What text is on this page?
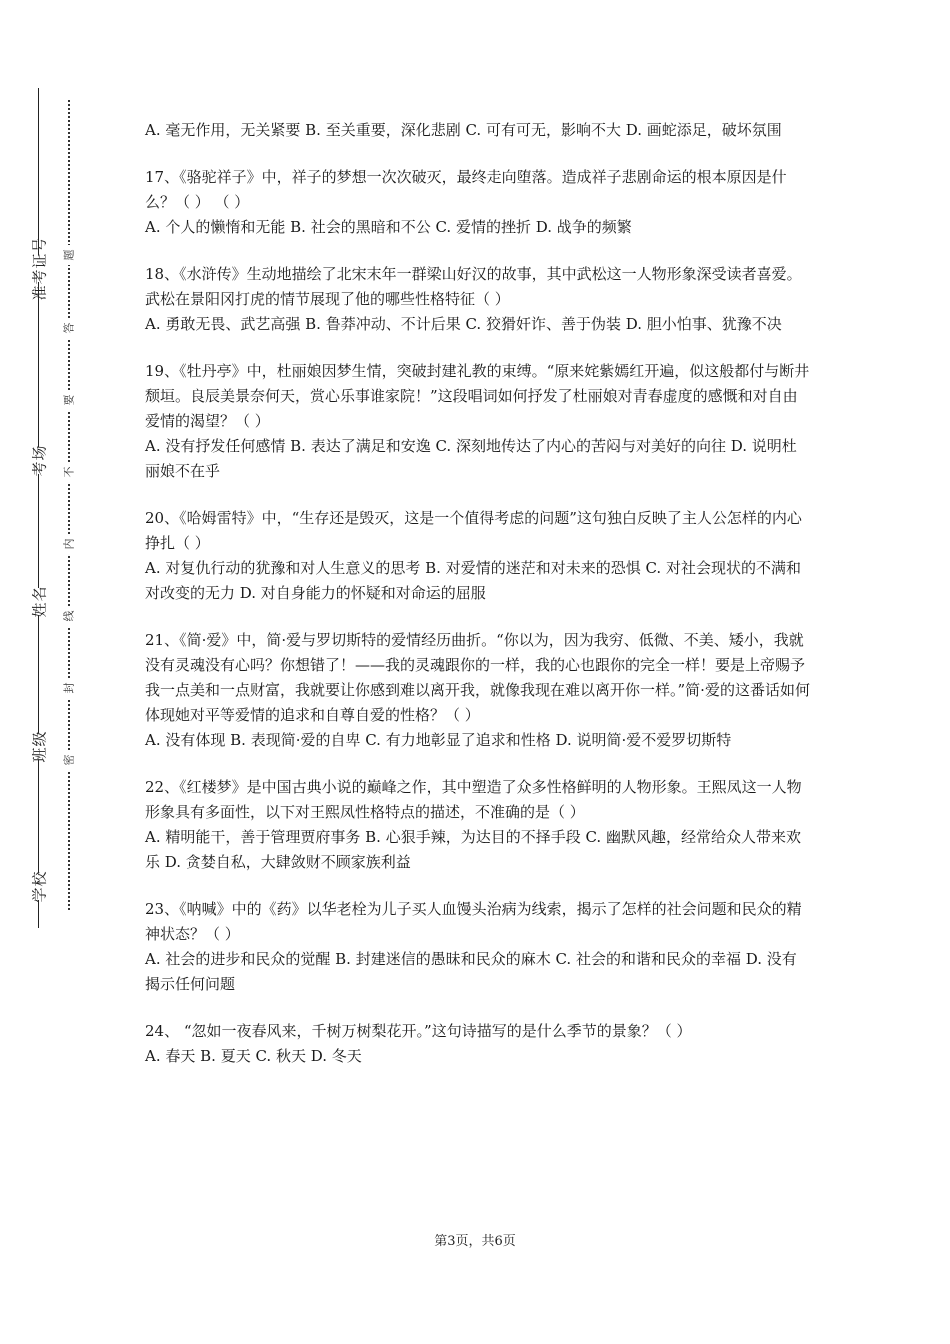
准考证号
考场
姓名
班级
学校
题
答
要
不
内
线
封
密

A. 毫无作用，无关紧要 B. 至关重要，深化悲剧 C. 可有可无，影响不大 D. 画蛇添足，破坏氛围

17、《骆驼祥子》中，祥子的梦想一次次破灭，最终走向堕落。造成祥子悲剧命运的根本原因是什么？（ ） （ ）

A. 个人的懒惰和无能 B. 社会的黑暗和不公 C. 爱情的挫折 D. 战争的频繁

18、《水浒传》生动地描绘了北宋末年一群梁山好汉的故事，其中武松这一人物形象深受读者喜爱。武松在景阳冈打虎的情节展现了他的哪些性格特征（ ）

A. 勇敢无畏、武艺高强 B. 鲁莽冲动、不计后果 C. 狡猾奸诈、善于伪装 D. 胆小怕事、犹豫不决

19、《牡丹亭》中，杜丽娘因梦生情，突破封建礼教的束缚。“原来姹紫嫣红开遍，似这般都付与断井颓垣。良辰美景奈何天，赏心乐事谁家院！”这段唱词如何抒发了杜丽娘对青春虚度的感慨和对自由爱情的渴望？（ ）

A. 没有抒发任何感情 B. 表达了满足和安逸 C. 深刻地传达了内心的苦闷与对美好的向往 D. 说明杜丽娘不在乎

20、《哈姆雷特》中，“生存还是毁灭，这是一个值得考虑的问题”这句独白反映了主人公怎样的内心挣扎（ ）

A. 对复仇行动的犹豫和对人生意义的思考 B. 对爱情的迷茫和对未来的恐惧 C. 对社会现状的不满和对改变的无力 D. 对自身能力的怀疑和对命运的屈服

21、《简·爱》中，简·爱与罗切斯特的爱情经历曲折。“你以为，因为我穷、低微、不美、矮小，我就没有灵魂没有心吗？你想错了！——我的灵魂跟你的一样，我的心也跟你的完全一样！要是上帝赐予我一点美和一点财富，我就要让你感到难以离开我，就像我现在难以离开你一样。”简·爱的这番话如何体现她对平等爱情的追求和自尊自爱的性格？（ ）

A. 没有体现 B. 表现简·爱的自卑 C. 有力地彰显了追求和性格 D. 说明简·爱不爱罗切斯特

22、《红楼梦》是中国古典小说的巅峰之作，其中塑造了众多性格鲜明的人物形象。王熙凤这一人物形象具有多面性，以下对王熙凤性格特点的描述，不准确的是（ ）

A. 精明能干，善于管理贾府事务 B. 心狠手辣，为达目的不择手段 C. 幽默风趣，经常给众人带来欢乐 D. 贪婪自私，大肆敛财不顾家族利益

23、《呐喊》中的《药》以华老栓为儿子买人血馒头治病为线索，揭示了怎样的社会问题和民众的精神状态？（ ）

A. 社会的进步和民众的觉醒 B. 封建迷信的愚昧和民众的麻木 C. 社会的和谐和民众的幸福 D. 没有揭示任何问题

24、 “忽如一夜春风来，千树万树梨花开。”这句诗描写的是什么季节的景象？（ ）

A. 春天 B. 夏天 C. 秋天 D. 冬天

第3页，共6页
